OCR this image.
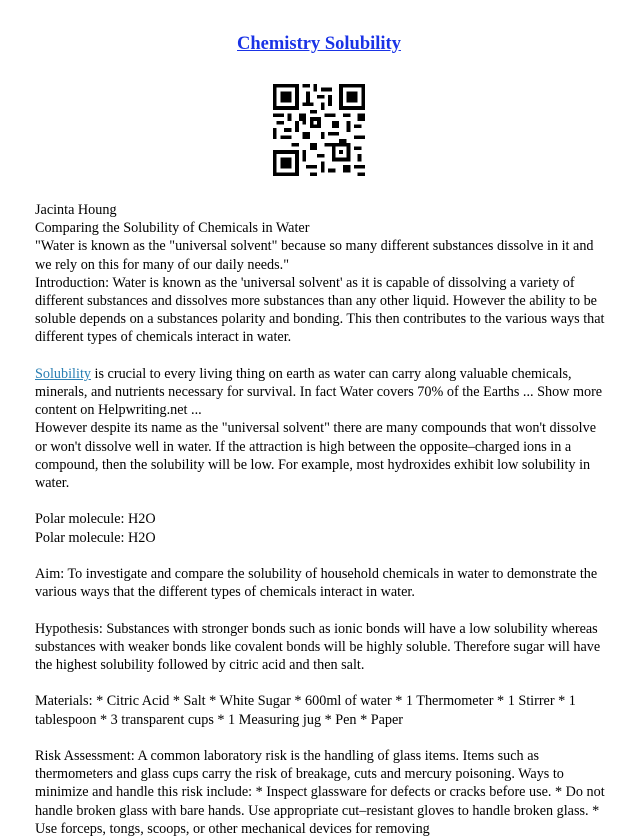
Chemistry Solubility

Jacinta Houng

Comparing the Solubility of Chemicals in Water

"Water is known as the "universal solvent" because so many different substances dissolve in it and we rely on this for many of our daily needs."

Introduction: Water is known as the 'universal solvent' as it is capable of dissolving a variety of different substances and dissolves more substances than any other liquid. However the ability to be soluble depends on a substances polarity and bonding. This then contributes to the various ways that different types of chemicals interact in water.

Solubility is crucial to every living thing on earth as water can carry along valuable chemicals, minerals, and nutrients necessary for survival. In fact Water covers 70% of the Earths ... Show more content on Helpwriting.net ...

However despite its name as the "universal solvent" there are many compounds that won't dissolve or won't dissolve well in water. If the attraction is high between the opposite–charged ions in a compound, then the solubility will be low. For example, most hydroxides exhibit low solubility in water.

Polar molecule: H2O

Polar molecule: H2O

Aim: To investigate and compare the solubility of household chemicals in water to demonstrate the various ways that the different types of chemicals interact in water.

Hypothesis: Substances with stronger bonds such as ionic bonds will have a low solubility whereas substances with weaker bonds like covalent bonds will be highly soluble. Therefore sugar will have the highest solubility followed by citric acid and then salt.

Materials: * Citric Acid * Salt * White Sugar * 600ml of water * 1 Thermometer * 1 Stirrer * 1 tablespoon * 3 transparent cups * 1 Measuring jug * Pen * Paper

Risk Assessment: A common laboratory risk is the handling of glass items. Items such as thermometers and glass cups carry the risk of breakage, cuts and mercury poisoning. Ways to minimize and handle this risk include: * Inspect glassware for defects or cracks before use. * Do not handle broken glass with bare hands. Use appropriate cut–resistant gloves to handle broken glass. * Use forceps, tongs, scoops, or other mechanical devices for removing
